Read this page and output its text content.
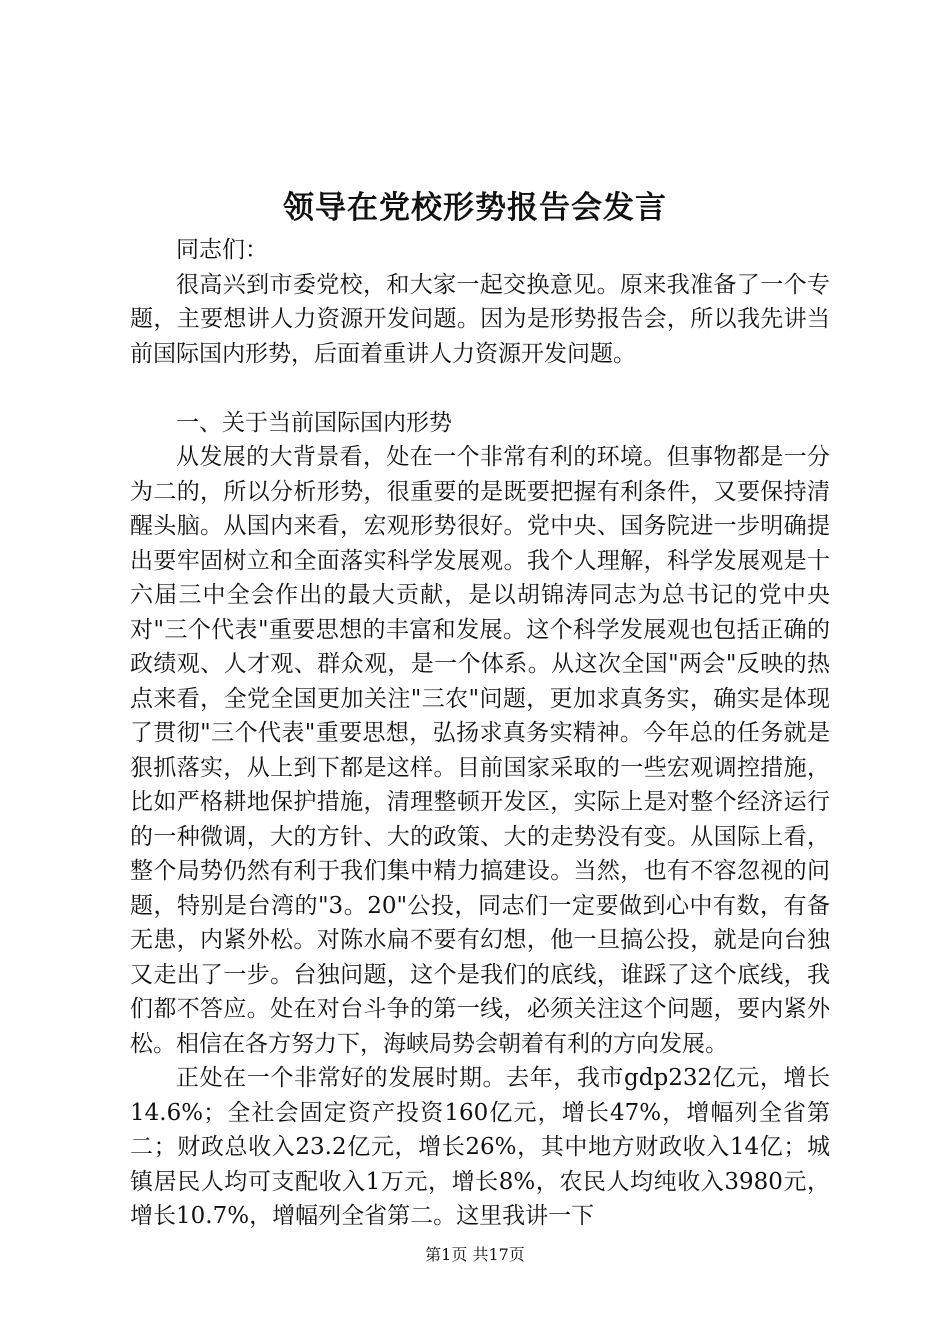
领导在党校形势报告会发言

同志们：

很高兴到市委党校，和大家一起交换意见。原来我准备了一个专题，主要想讲人力资源开发问题。因为是形势报告会，所以我先讲当前国际国内形势，后面着重讲人力资源开发问题。

一、关于当前国际国内形势

从发展的大背景看，处在一个非常有利的环境。但事物都是一分为二的，所以分析形势，很重要的是既要把握有利条件，又要保持清醒头脑。从国内来看，宏观形势很好。党中央、国务院进一步明确提出要牢固树立和全面落实科学发展观。我个人理解，科学发展观是十六届三中全会作出的最大贡献，是以胡锦涛同志为总书记的党中央对"三个代表"重要思想的丰富和发展。这个科学发展观也包括正确的政绩观、人才观、群众观，是一个体系。从这次全国"两会"反映的热点来看，全党全国更加关注"三农"问题，更加求真务实，确实是体现了贯彻"三个代表"重要思想，弘扬求真务实精神。今年总的任务就是狠抓落实，从上到下都是这样。目前国家采取的一些宏观调控措施，比如严格耕地保护措施，清理整顿开发区，实际上是对整个经济运行的一种微调，大的方针、大的政策、大的走势没有变。从国际上看，整个局势仍然有利于我们集中精力搞建设。当然，也有不容忽视的问题，特别是台湾的"3。20"公投，同志们一定要做到心中有数，有备无患，内紧外松。对陈水扁不要有幻想，他一旦搞公投，就是向台独又走出了一步。台独问题，这个是我们的底线，谁踩了这个底线，我们都不答应。处在对台斗争的第一线，必须关注这个问题，要内紧外松。相信在各方努力下，海峡局势会朝着有利的方向发展。

正处在一个非常好的发展时期。去年，我市gdp232亿元，增长14.6%；全社会固定资产投资160亿元，增长47%，增幅列全省第二；财政总收入23.2亿元，增长26%，其中地方财政收入14亿；城镇居民人均可支配收入1万元，增长8%，农民人均纯收入3980元，增长10.7%，增幅列全省第二。这里我讲一下

第1页 共17页
